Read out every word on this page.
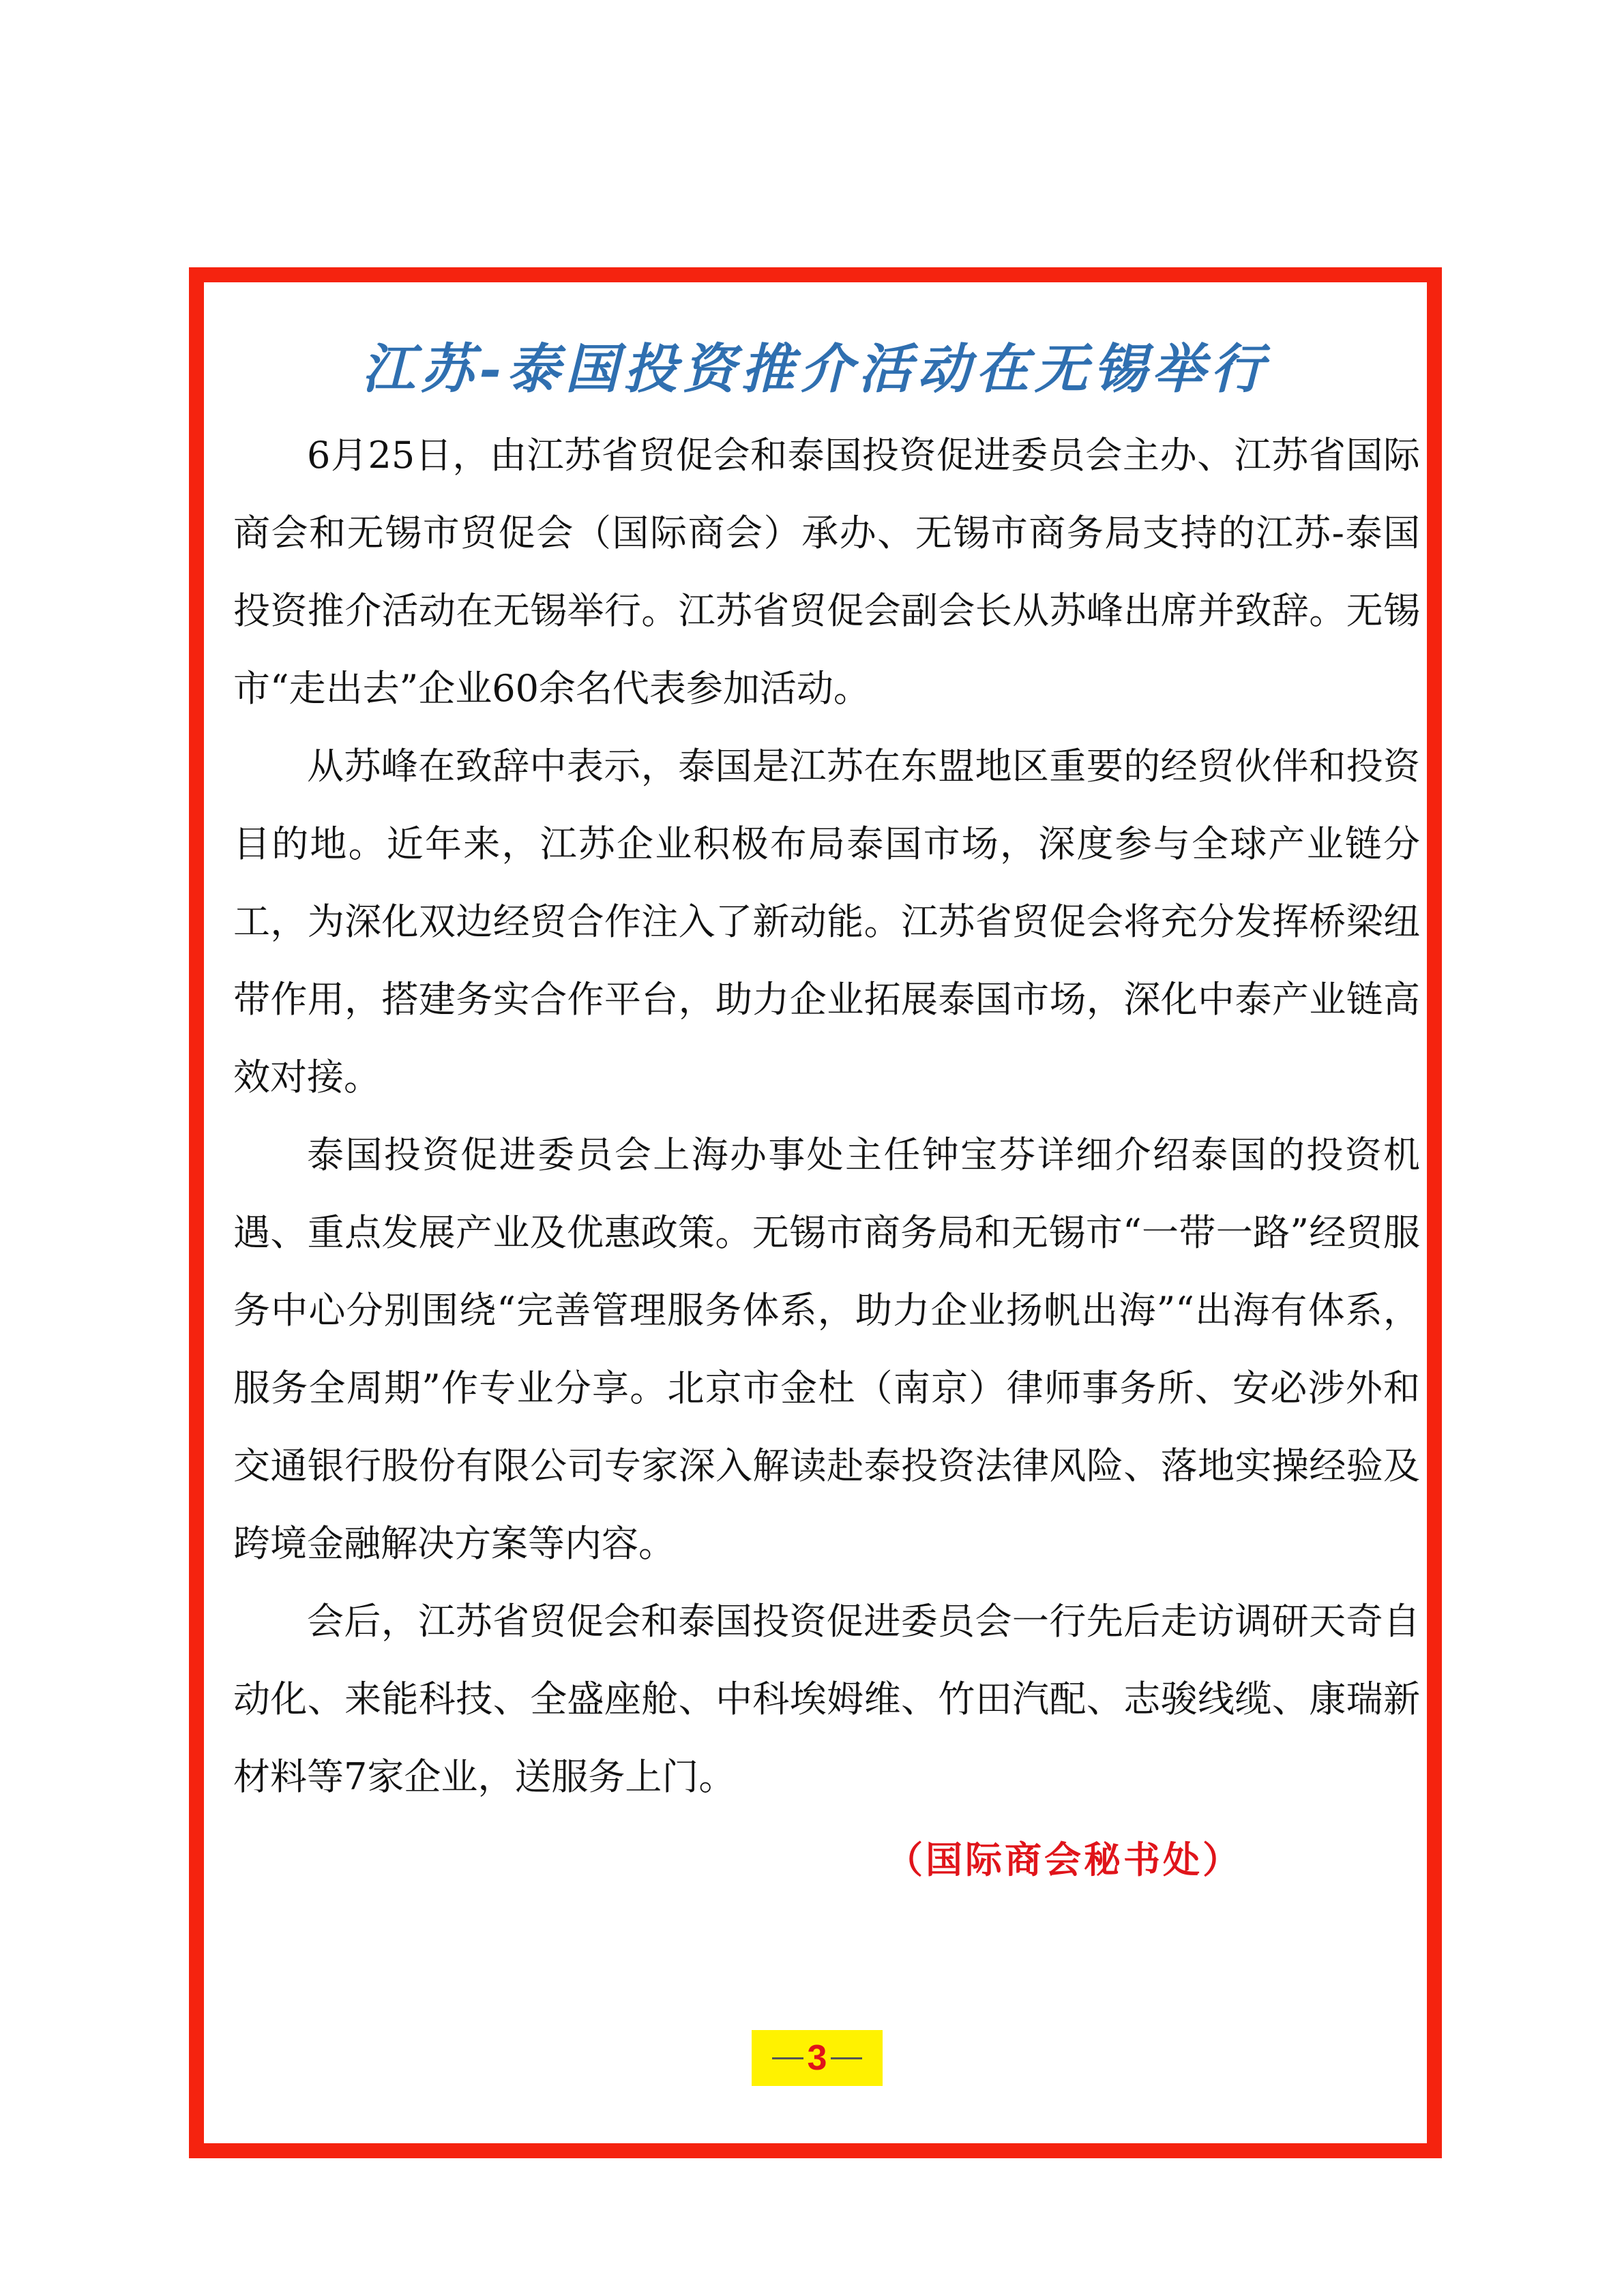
江苏-泰国投资推介活动在无锡举行

6月25日，由江苏省贸促会和泰国投资促进委员会主办、江苏省国际商会和无锡市贸促会（国际商会）承办、无锡市商务局支持的江苏-泰国投资推介活动在无锡举行。江苏省贸促会副会长从苏峰出席并致辞。无锡市“走出去”企业60余名代表参加活动。

从苏峰在致辞中表示，泰国是江苏在东盟地区重要的经贸伙伴和投资目的地。近年来，江苏企业积极布局泰国市场，深度参与全球产业链分工，为深化双边经贸合作注入了新动能。江苏省贸促会将充分发挥桥梁纽带作用，搭建务实合作平台，助力企业拓展泰国市场，深化中泰产业链高效对接。

泰国投资促进委员会上海办事处主任钟宝芬详细介绍泰国的投资机遇、重点发展产业及优惠政策。无锡市商务局和无锡市“一带一路”经贸服务中心分别围绕“完善管理服务体系，助力企业扬帆出海”“出海有体系，服务全周期”作专业分享。北京市金杜（南京）律师事务所、安必涉外和交通银行股份有限公司专家深入解读赴泰投资法律风险、落地实操经验及跨境金融解决方案等内容。

会后，江苏省贸促会和泰国投资促进委员会一行先后走访调研天奇自动化、来能科技、全盛座舱、中科埃姆维、竹田汽配、志骏线缆、康瑞新材料等7家企业，送服务上门。

（国际商会秘书处）
3
